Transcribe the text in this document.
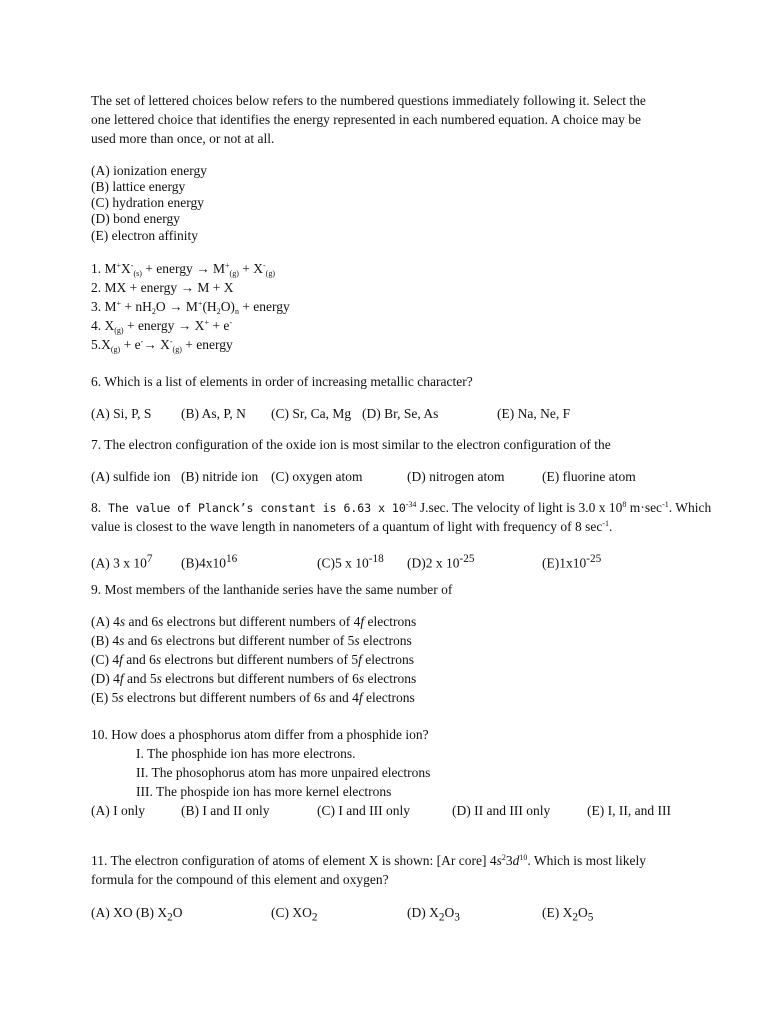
The set of lettered choices below refers to the numbered questions immediately following it. Select the
one lettered choice that identifies the energy represented in each numbered equation. A choice may be
used more than once, or not at all.
(A) ionization energy
(B) lattice energy
(C) hydration energy
(D) bond energy
(E) electron affinity
1. $M^+X^-_{(s)}$ + energy → $M^+_{(g)} + X^-_{(g)}$
2. MX + energy → M + X
3. $M^+ + nH_2O \to M^+(H_2O)_n$ + energy
4. $X_{(g)}$ + energy → X+ + e-
$5.X_{(g)} + e^-\to X^-_{(g)}$ + energy
6. Which is a list of elements in order of increasing metallic character?
(A) Si, P, S (B) As, P, N (C) Sr, Ca, Mg (D) Br, Se, As	(E) Na, Ne, F
7. The electron configuration of the oxide ion is most similar to the electron configuration of the
(A) sulfide ion (B) nitride ion (C) oxygen atom	(D) nitrogen atom	(E) fluorine atom
8. The value of Planck’s constant is 6.63 x $10^{-34}$ J.sec. The velocity of light is 3.0 x $10^8$ $m\cdot\sec^{-1}$. Which
value is closest to the wave length in nanometers of a quantum of light with frequency of 8 $\sec^{-1}$.
(A) 3 x $10^7$ $(B)4x10^{16}$	(C)5 x $10^{-18}$ (D)2 x $10^{-25}$	$(E)1x10^{-25}$
9. Most members of the lanthanide series have the same number of
(A) 4s and 6s electrons but different numbers of 4f electrons
(B) 4s and 6s electrons but different number of 5s electrons
(C) 4f and 6s electrons but different numbers of 5f electrons
(D) 4f and 5s electrons but different numbers of 6s electrons
(E) 5s electrons but different numbers of 6s and 4f electrons
10. How does a phosphorus atom differ from a phosphide ion?
I. The phosphide ion has more electrons.
II. The phosophorus atom has more unpaired electrons
III. The phospide ion has more kernel electrons
(A) I only	(B) I and II only	(C) I and III only	(D) II and III only	(E) I, II, and III
11. The electron configuration of atoms of element X is shown: [Ar core] $4s^23d^{10}$. Which is most likely
formula for the compound of this element and oxygen?
(A) XO (B) $X_2O$	(C) $XO_2$	(D) $X_2O_3$	(E) $X_2O_5$
